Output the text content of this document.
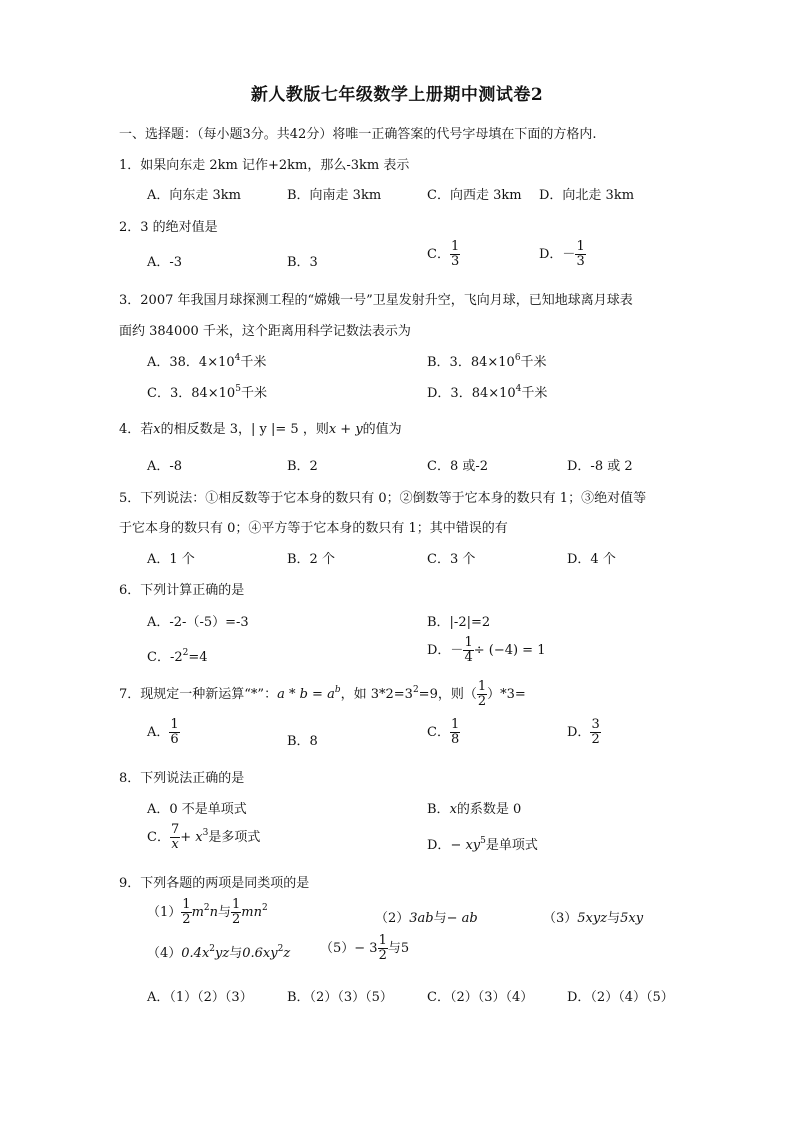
新人教版七年级数学上册期中测试卷2
一、选择题：（每小题3分。共42分）将唯一正确答案的代号字母填在下面的方格内.
1．如果向东走 2km 记作+2km，那么-3km 表示
A．向东走 3km	B．向南走 3km	C．向西走 3km D．向北走 3km
2．3 的绝对值是
A．-3	B．3
C． $\frac{1}{3}$	D．－ $\frac{1}{3}$
3．2007 年我国月球探测工程的“嫦娥一号”卫星发射升空，飞向月球，已知地球离月球表
面约 384000 千米，这个距离用科学记数法表示为
A．38．$4\times 10^4$千米	B．3．$84\times 10^6$千米
C．3．$84\times 10^5$千米	D．3．$84\times 10^4$千米
4．若x的相反数是 3，| y |= 5 ，则x + y的值为
A．-8	B．2	C．8 或-2	D．-8 或 2
5．下列说法：①相反数等于它本身的数只有 0；②倒数等于它本身的数只有 1；③绝对值等
于它本身的数只有 0；④平方等于它本身的数只有 1；其中错误的有
A．1 个	B．2 个	C．3 个	D．4 个
6．下列计算正确的是
A．-2-（-5）=-3	B．|-2|=2
C．$-2^2=4$	D．－ $\frac{1}{4} \div (-4) = 1$
7．现规定一种新运算“*”：$a * b = a^b$，如 $3*2=3^2=9$，则（ $\frac{1}{2} )*3=$
A． $\frac{1}{6}$	B．8
C． $\frac{1}{8}$	D． $\frac{3}{2}$
8．下列说法正确的是
A．0 不是单项式	B．x的系数是 0
C． $\frac{7}{x} + x^3$是多项式
D．− $xy^5$是单项式
9．下列各题的两项是同类项的是
$(1) \frac{1}{2} m^2n$与 $\frac{1}{2} mn^2$
（2）3ab与− ab	（3）5xyz与5xy
$(4)0.4x^2yz$与$0.6xy^2z$ $(5)- 3 \frac{1}{2}$ 与5
A．（1）（2）（3）	B．（2）（3）（5）	C．（2）（3）（4）	D．（2）（4）（5）
